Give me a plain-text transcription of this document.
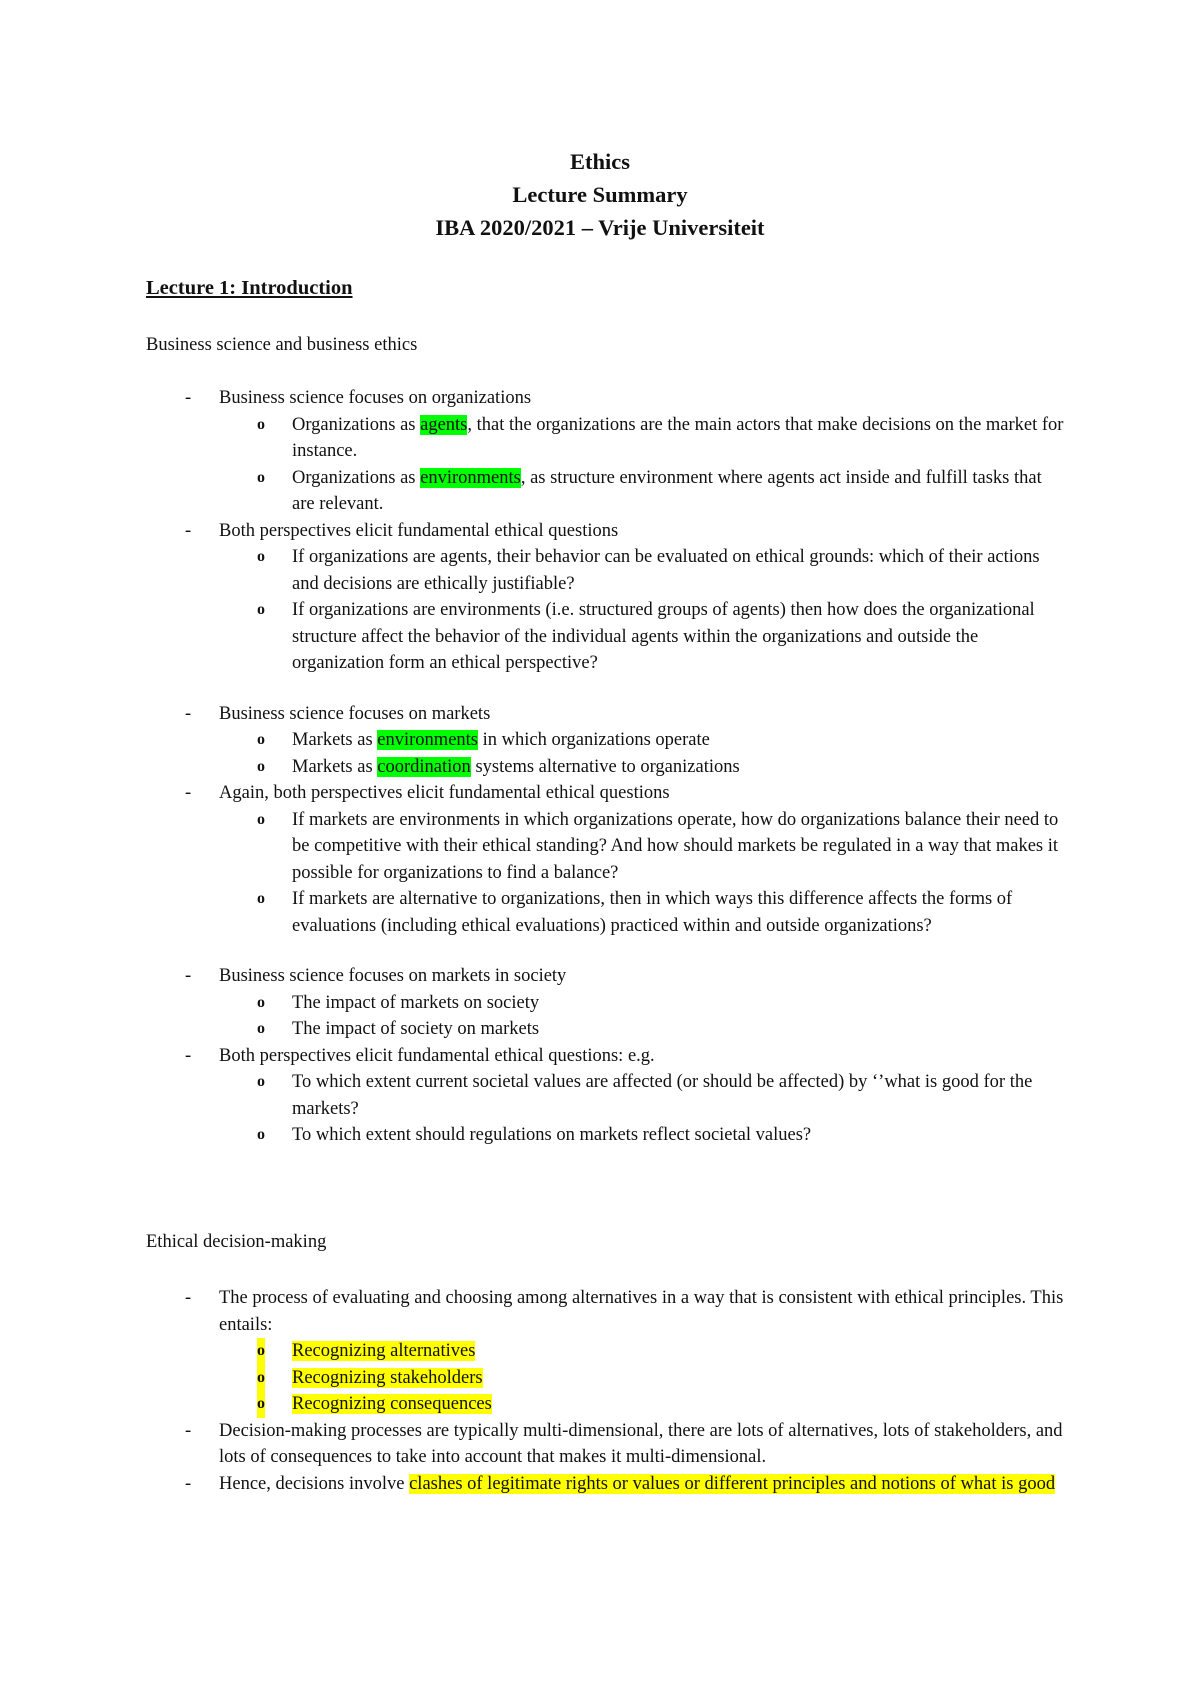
Ethics

Lecture Summary

IBA 2020/2021 – Vrije Universiteit

Lecture 1: Introduction

Business science and business ethics

- Business science focuses on organizations
o Organizations as agents, that the organizations are the main actors that make decisions on the market for instance.
o Organizations as environments, as structure environment where agents act inside and fulfill tasks that are relevant.
- Both perspectives elicit fundamental ethical questions
o If organizations are agents, their behavior can be evaluated on ethical grounds: which of their actions and decisions are ethically justifiable?
o If organizations are environments (i.e. structured groups of agents) then how does the organizational structure affect the behavior of the individual agents within the organizations and outside the organization form an ethical perspective?
- Business science focuses on markets
o Markets as environments in which organizations operate
o Markets as coordination systems alternative to organizations
- Again, both perspectives elicit fundamental ethical questions
o If markets are environments in which organizations operate, how do organizations balance their need to be competitive with their ethical standing? And how should markets be regulated in a way that makes it possible for organizations to find a balance?
o If markets are alternative to organizations, then in which ways this difference affects the forms of evaluations (including ethical evaluations) practiced within and outside organizations?
- Business science focuses on markets in society
o The impact of markets on society
o The impact of society on markets
- Both perspectives elicit fundamental ethical questions: e.g.
o To which extent current societal values are affected (or should be affected) by ‘’what is good for the markets?
o To which extent should regulations on markets reflect societal values?

Ethical decision-making

- The process of evaluating and choosing among alternatives in a way that is consistent with ethical principles. This entails:
o Recognizing alternatives
o Recognizing stakeholders
o Recognizing consequences
- Decision-making processes are typically multi-dimensional, there are lots of alternatives, lots of stakeholders, and lots of consequences to take into account that makes it multi-dimensional.
- Hence, decisions involve clashes of legitimate rights or values or different principles and notions of what is good
